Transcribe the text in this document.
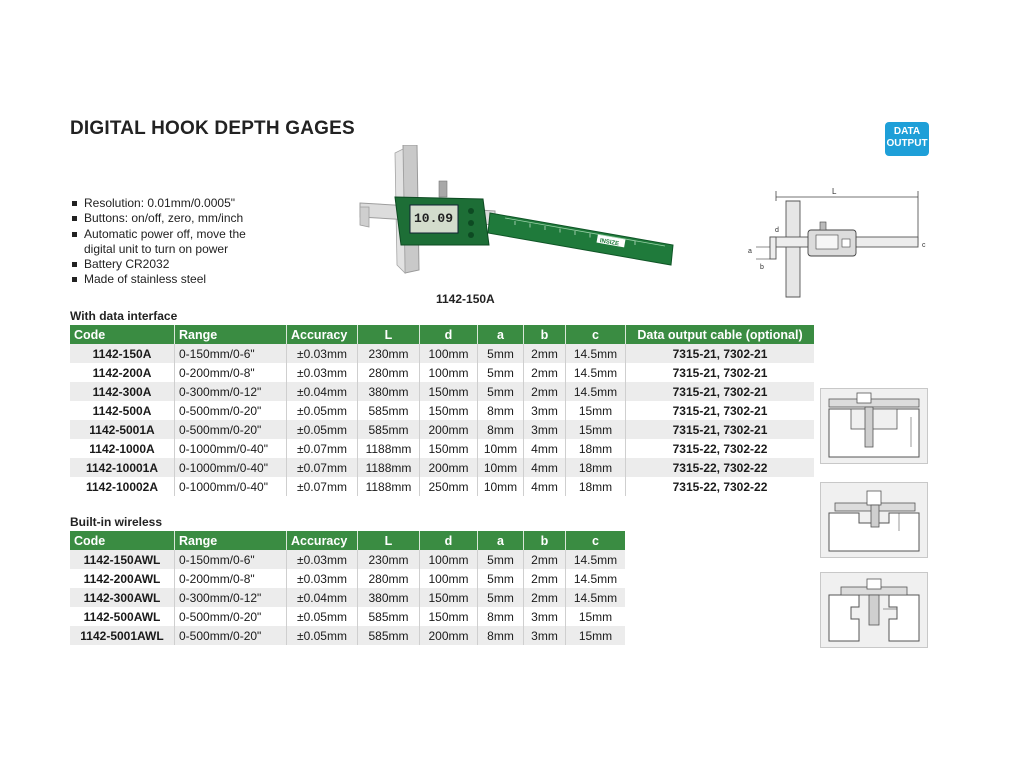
DIGITAL HOOK DEPTH GAGES	DATA OUTPUT
Resolution: 0.01mm/0.0005"
Buttons: on/off, zero, mm/inch
Automatic power off, move the
digital unit to turn on power
Battery CR2032
Made of stainless steel
INSIZE
10.09
1142-150A
L
d
a
b
c
With data interface
Code	Range	Accuracy	L	d	a	b	c	Data output cable (optional)
1142-150A	0-150mm/0-6"	±0.03mm	230mm	100mm	5mm	2mm	14.5mm	7315-21, 7302-21
1142-200A	0-200mm/0-8"	±0.03mm	280mm	100mm	5mm	2mm	14.5mm	7315-21, 7302-21
1142-300A	0-300mm/0-12"	±0.04mm	380mm	150mm	5mm	2mm	14.5mm	7315-21, 7302-21
1142-500A	0-500mm/0-20"	±0.05mm	585mm	150mm	8mm	3mm	15mm	7315-21, 7302-21
1142-5001A	0-500mm/0-20"	±0.05mm	585mm	200mm	8mm	3mm	15mm	7315-21, 7302-21
1142-1000A	0-1000mm/0-40"	±0.07mm	1188mm	150mm	10mm	4mm	18mm	7315-22, 7302-22
1142-10001A	0-1000mm/0-40"	±0.07mm	1188mm	200mm	10mm	4mm	18mm	7315-22, 7302-22
1142-10002A	0-1000mm/0-40"	±0.07mm	1188mm	250mm	10mm	4mm	18mm	7315-22, 7302-22
Built-in wireless
Code	Range	Accuracy	L	d	a	b	c
1142-150AWL	0-150mm/0-6"	±0.03mm	230mm	100mm	5mm	2mm	14.5mm
1142-200AWL	0-200mm/0-8"	±0.03mm	280mm	100mm	5mm	2mm	14.5mm
1142-300AWL	0-300mm/0-12"	±0.04mm	380mm	150mm	5mm	2mm	14.5mm
1142-500AWL	0-500mm/0-20"	±0.05mm	585mm	150mm	8mm	3mm	15mm
1142-5001AWL	0-500mm/0-20"	±0.05mm	585mm	200mm	8mm	3mm	15mm
